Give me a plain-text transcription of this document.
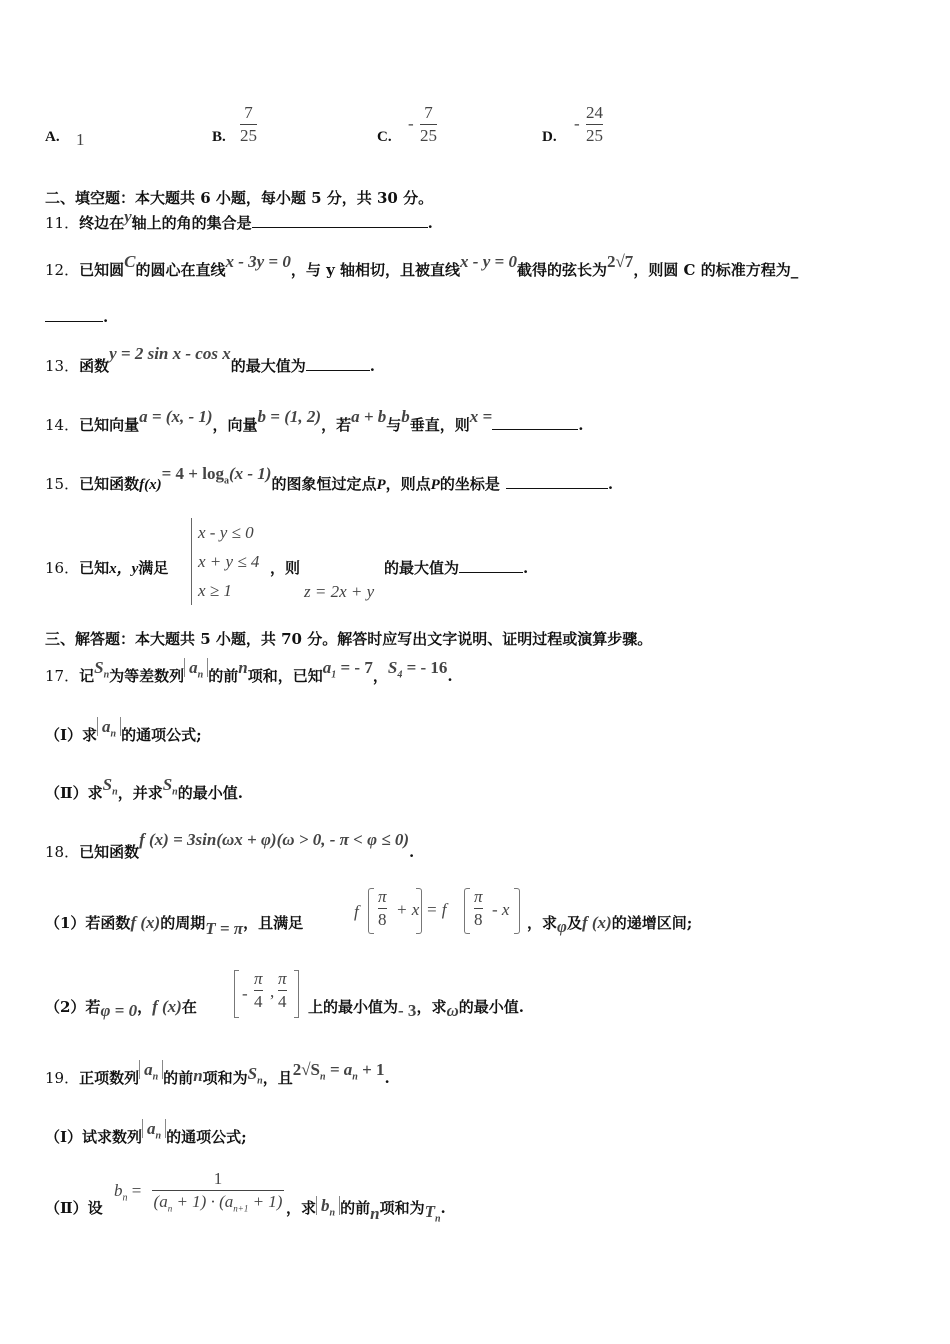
A. 1	B.
7
25	C.
-
7
25	D.
-
24
25
二、填空题：本大题共 6 小题，每小题 5 分，共 30 分。
11．终边在y轴上的角的集合是	.
12．已知圆C的圆心在直线x - 3y = 0，与 y 轴相切，且被直线x - y = 0截得的弦长为2√7，则圆 C 的标准方程为_
.
13．函数y = 2 sin x - cos x的最大值为	.
14．已知向量a = (x, - 1)，向量b = (1, 2)，若a + b与b垂直，则x =	.
15．已知函数$f(x)= 4 + \log_a(x - 1)$的图象恒过定点P，则点P的坐标是	.
x - y ≤ 0
x + y ≤ 4
x ≥ 1
16．已知x，y满足	，则	的最大值为	.
z = 2x + y
三、解答题：本大题共 5 小题，共 70 分。解答时应写出文字说明、证明过程或演算步骤。
17．记$S_n$为等差数列 $a_n$ 的前n项和，已知$a_1$ = - 7，$S_4$ = - 16.
（Ⅰ）求 $a_n$ 的通项公式;
（Ⅱ）求$S_n$，并求$S_n$的最小值.
18．已知函数f (x) = 3sin(ωx + φ)(ω > 0, - π < φ ≤ 0).
（1）若函数f (x)的周期T = π，且满足
f
π
8
+ x = f
π
8
- x
，求φ及f (x)的递增区间;
（2）若φ = 0，f (x)在
-
π
4
,
π
4 上的最小值为- 3，求ω的最小值.
19．正项数列 $a_n$ 的前n项和为$S_n$，且$2√S_n = a_n + 1$.
（Ⅰ）试求数列 $a_n$ 的通项公式;
（Ⅱ）设
$b_n$ =
1
$(a_n + 1) \cdot (a_{n+1} + 1)$ ，求 $b_n$ 的前n项和为$T_n$.
